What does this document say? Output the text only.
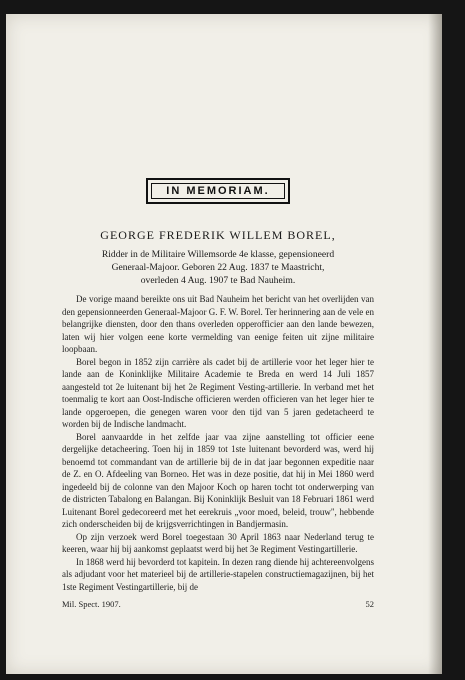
IN MEMORIAM.
GEORGE FREDERIK WILLEM BOREL,
Ridder in de Militaire Willemsorde 4e klasse, gepensioneerd
Generaal-Majoor. Geboren 22 Aug. 1837 te Maastricht,
overleden 4 Aug. 1907 te Bad Nauheim.

De vorige maand bereikte ons uit Bad Nauheim het bericht van het overlijden van den gepensionneerden Generaal-Majoor G. F. W. Borel. Ter herinnering aan de vele en belangrijke diensten, door den thans overleden opperofficier aan den lande bewezen, laten wij hier volgen eene korte vermelding van eenige feiten uit zijne militaire loopbaan.

Borel begon in 1852 zijn carrière als cadet bij de artillerie voor het leger hier te lande aan de Koninklijke Militaire Academie te Breda en werd 14 Juli 1857 aangesteld tot 2e luitenant bij het 2e Regiment Vesting-artillerie. In verband met het toenmalig te kort aan Oost-Indische officieren werden officieren van het leger hier te lande opgeroepen, die genegen waren voor den tijd van 5 jaren gedetacheerd te worden bij de Indische landmacht.

Borel aanvaardde in het zelfde jaar vaa zijne aanstelling tot officier eene dergelijke detacheering. Toen hij in 1859 tot 1ste luitenant bevorderd was, werd hij benoemd tot commandant van de artillerie bij de in dat jaar begonnen expeditie naar de Z. en O. Afdeeling van Borneo. Het was in deze positie, dat hij in Mei 1860 werd ingedeeld bij de colonne van den Majoor Koch op haren tocht tot onderwerping van de districten Tabalong en Balangan. Bij Koninklijk Besluit van 18 Februari 1861 werd Luitenant Borel gedecoreerd met het eerekruis „voor moed, beleid, trouw", hebbende zich onderscheiden bij de krijgsverrichtingen in Bandjermasin.

Op zijn verzoek werd Borel toegestaan 30 April 1863 naar Nederland terug te keeren, waar hij bij aankomst geplaatst werd bij het 3e Regiment Vestingartillerie.

In 1868 werd hij bevorderd tot kapitein. In dezen rang diende hij achtereenvolgens als adjudant voor het materieel bij de artillerie-stapelen constructiemagazijnen, bij het 1ste Regiment Vestingartillerie, bij de

Mil. Spect. 1907.	52
